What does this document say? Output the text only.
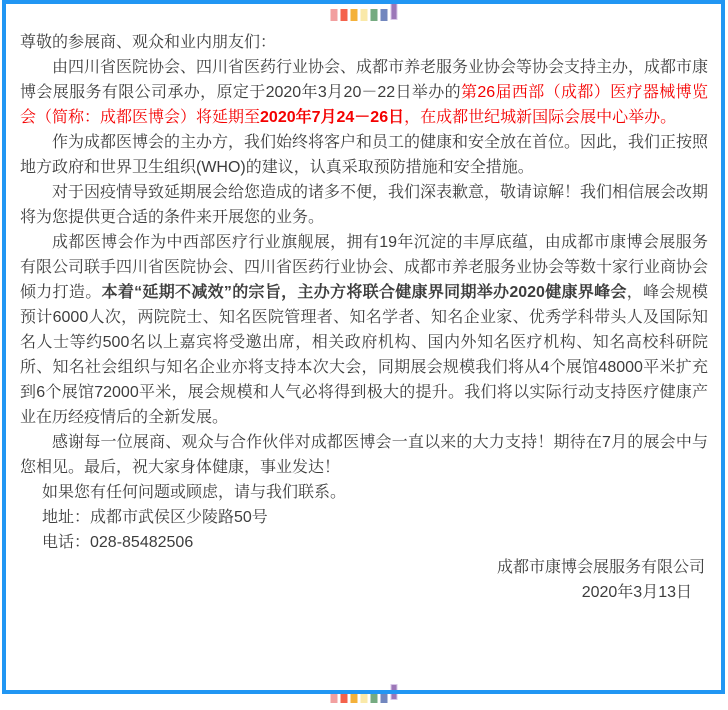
尊敬的参展商、观众和业内朋友们：

由四川省医院协会、四川省医药行业协会、成都市养老服务业协会等协会支持主办，成都市康博会展服务有限公司承办，原定于2020年3月20－22日举办的第26届西部（成都）医疗器械博览会（简称：成都医博会）将延期至2020年7月24－26日，在成都世纪城新国际会展中心举办。

作为成都医博会的主办方，我们始终将客户和员工的健康和安全放在首位。因此，我们正按照地方政府和世界卫生组织(WHO)的建议，认真采取预防措施和安全措施。

对于因疫情导致延期展会给您造成的诸多不便，我们深表歉意，敬请谅解！我们相信展会改期将为您提供更合适的条件来开展您的业务。

成都医博会作为中西部医疗行业旗舰展，拥有19年沉淀的丰厚底蕴，由成都市康博会展服务有限公司联手四川省医院协会、四川省医药行业协会、成都市养老服务业协会等数十家行业商协会倾力打造。本着“延期不减效”的宗旨，主办方将联合健康界同期举办2020健康界峰会，峰会规模预计6000人次，两院院士、知名医院管理者、知名学者、知名企业家、优秀学科带头人及国际知名人士等约500名以上嘉宾将受邀出席，相关政府机构、国内外知名医疗机构、知名高校科研院所、知名社会组织与知名企业亦将支持本次大会，同期展会规模我们将从4个展馆48000平米扩充到6个展馆72000平米，展会规模和人气必将得到极大的提升。我们将以实际行动支持医疗健康产业在历经疫情后的全新发展。

感谢每一位展商、观众与合作伙伴对成都医博会一直以来的大力支持！期待在7月的展会中与您相见。最后，祝大家身体健康，事业发达！

如果您有任何问题或顾虑，请与我们联系。

地址：成都市武侯区少陵路50号

电话：028-85482506

成都市康博会展服务有限公司

2020年3月13日
